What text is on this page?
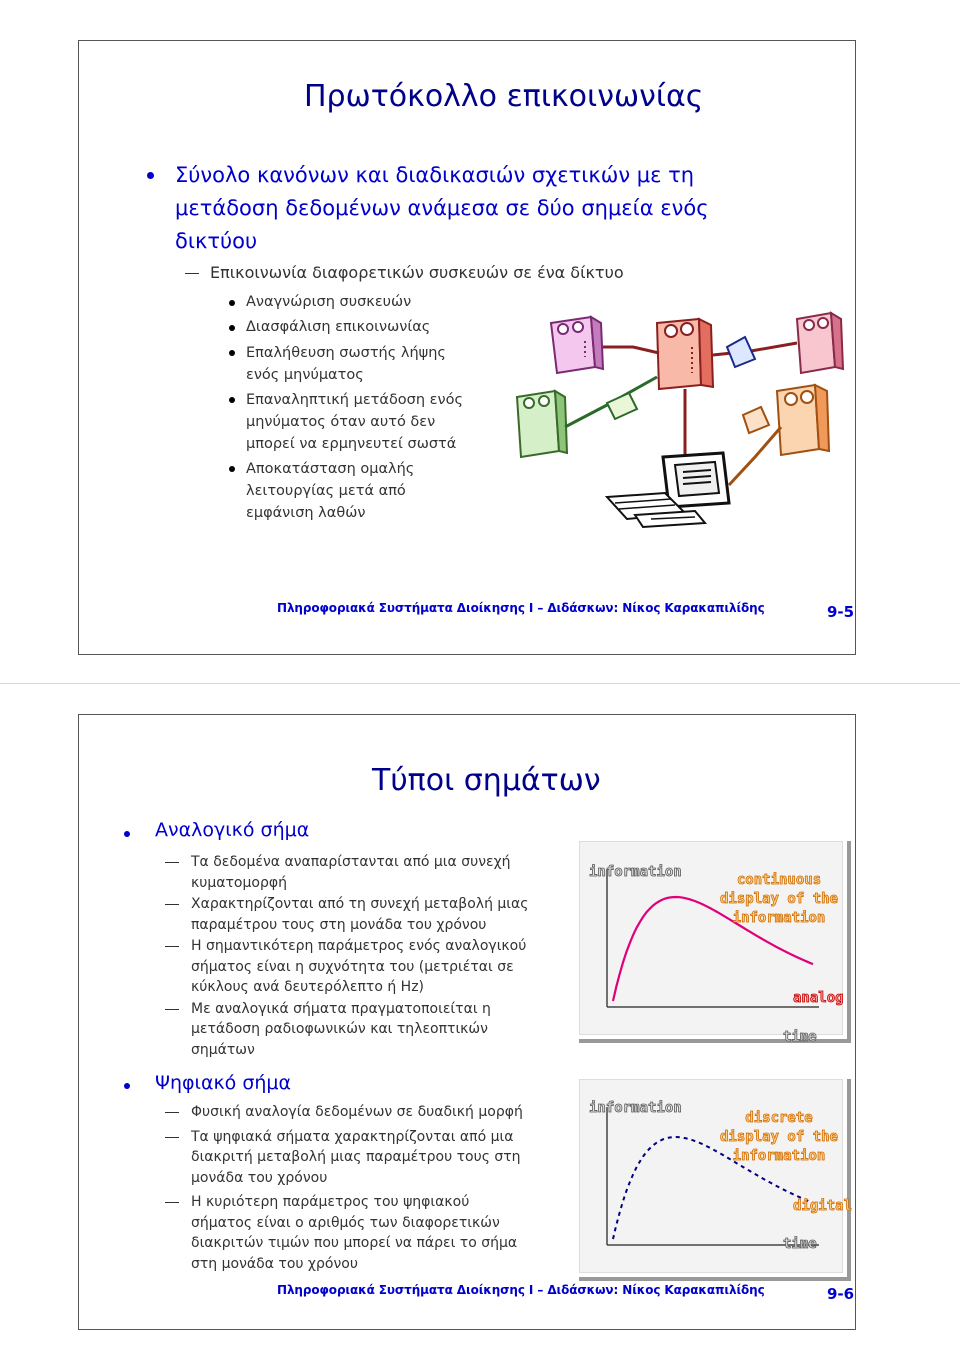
Πρωτόκολλο επικοινωνίας
Σύνολο κανόνων και διαδικασιών σχετικών με τη
μετάδοση δεδομένων ανάμεσα σε δύο σημεία ενός
δικτύου
Επικοινωνία διαφορετικών συσκευών σε ένα δίκτυο
Αναγνώριση συσκευών
Διασφάλιση επικοινωνίας
Επαλήθευση σωστής λήψης
ενός μηνύματος
Επαναληπτική μετάδοση ενός
μηνύματος όταν αυτό δεν
μπορεί να ερμηνευτεί σωστά
Αποκατάσταση ομαλής
λειτουργίας μετά από
εμφάνιση λαθών
Πληροφοριακά Συστήματα Διοίκησης Ι – Διδάσκων: Νίκος Καρακαπιλίδης	9-5
Τύποι σημάτων
Αναλογικό σήμα
Τα δεδομένα αναπαρίστανται από μια συνεχή
κυματομορφή
Χαρακτηρίζονται από τη συνεχή μεταβολή μιας
παραμέτρου τους στη μονάδα του χρόνου
Η σημαντικότερη παράμετρος ενός αναλογικού
σήματος είναι η συχνότητα του (μετριέται σε
κύκλους ανά δευτερόλεπτο ή Hz)
Με αναλογικά σήματα πραγματοποιείται η
μετάδοση ραδιοφωνικών και τηλεοπτικών
σημάτων
Ψηφιακό σήμα
Φυσική αναλογία δεδομένων σε δυαδική μορφή
Τα ψηφιακά σήματα χαρακτηρίζονται από μια
διακριτή μεταβολή μιας παραμέτρου τους στη
μονάδα του χρόνου
Η κυριότερη παράμετρος του ψηφιακού
σήματος είναι ο αριθμός των διαφορετικών
διακριτών τιμών που μπορεί να πάρει το σήμα
στη μονάδα του χρόνου
information	continuous
display of the
information
analog
time
information
discrete
display of the
information
digital
time
Πληροφοριακά Συστήματα Διοίκησης Ι – Διδάσκων: Νίκος Καρακαπιλίδης	9-6
